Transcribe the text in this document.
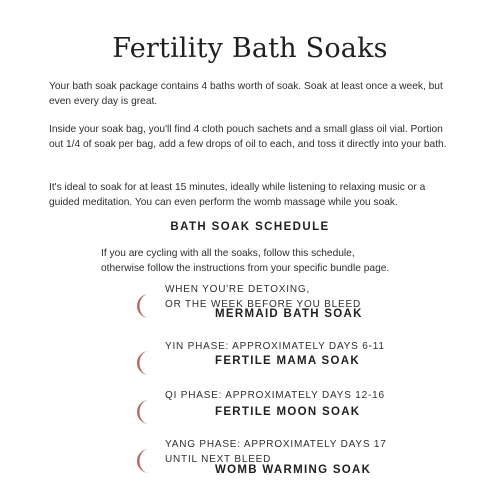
Fertility Bath Soaks

Your bath soak package contains 4 baths worth of soak. Soak at least once a week, but even every day is great.

Inside your soak bag, you'll find 4 cloth pouch sachets and a small glass oil vial. Portion out 1/4 of soak per bag, add a few drops of oil to each, and toss it directly into your bath.

It's ideal to soak for at least 15 minutes, ideally while listening to relaxing music or a guided meditation. You can even perform the womb massage while you soak.

BATH SOAK SCHEDULE
If you are cycling with all the soaks, follow this schedule,
otherwise follow the instructions from your specific bundle page.
WHEN YOU'RE DETOXING,
OR THE WEEK BEFORE YOU BLEED
MERMAID BATH SOAK
YIN PHASE: APPROXIMATELY DAYS 6-11
FERTILE MAMA SOAK
QI PHASE: APPROXIMATELY DAYS 12-16
FERTILE MOON SOAK
YANG PHASE: APPROXIMATELY DAYS 17
UNTIL NEXT BLEED
WOMB WARMING SOAK
